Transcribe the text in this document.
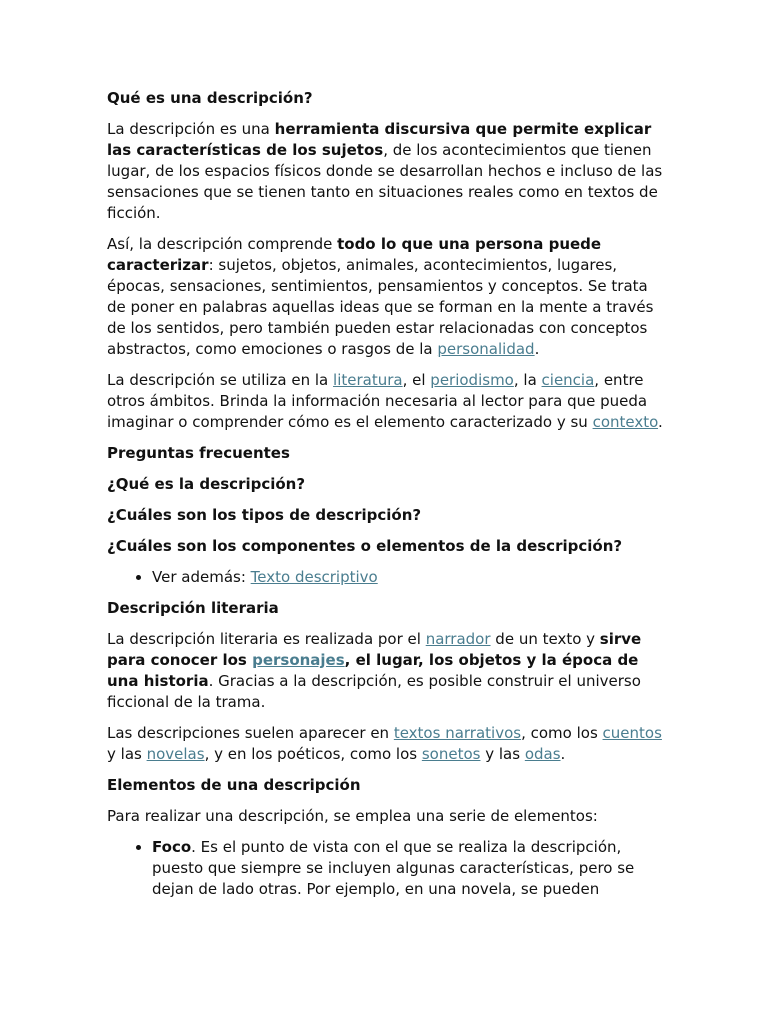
Qué es una descripción?

La descripción es una herramienta discursiva que permite explicar las características de los sujetos, de los acontecimientos que tienen lugar, de los espacios físicos donde se desarrollan hechos e incluso de las sensaciones que se tienen tanto en situaciones reales como en textos de ficción.

Así, la descripción comprende todo lo que una persona puede caracterizar: sujetos, objetos, animales, acontecimientos, lugares, épocas, sensaciones, sentimientos, pensamientos y conceptos. Se trata de poner en palabras aquellas ideas que se forman en la mente a través de los sentidos, pero también pueden estar relacionadas con conceptos abstractos, como emociones o rasgos de la personalidad.

La descripción se utiliza en la literatura, el periodismo, la ciencia, entre otros ámbitos. Brinda la información necesaria al lector para que pueda imaginar o comprender cómo es el elemento caracterizado y su contexto.

Preguntas frecuentes
¿Qué es la descripción?
¿Cuáles son los tipos de descripción?
¿Cuáles son los componentes o elementos de la descripción?
• Ver además: Texto descriptivo
Descripción literaria

La descripción literaria es realizada por el narrador de un texto y sirve para conocer los personajes, el lugar, los objetos y la época de una historia. Gracias a la descripción, es posible construir el universo ficcional de la trama.

Las descripciones suelen aparecer en textos narrativos, como los cuentos y las novelas, y en los poéticos, como los sonetos y las odas.

Elementos de una descripción

Para realizar una descripción, se emplea una serie de elementos:

• Foco. Es el punto de vista con el que se realiza la descripción, puesto que siempre se incluyen algunas características, pero se dejan de lado otras. Por ejemplo, en una novela, se pueden
